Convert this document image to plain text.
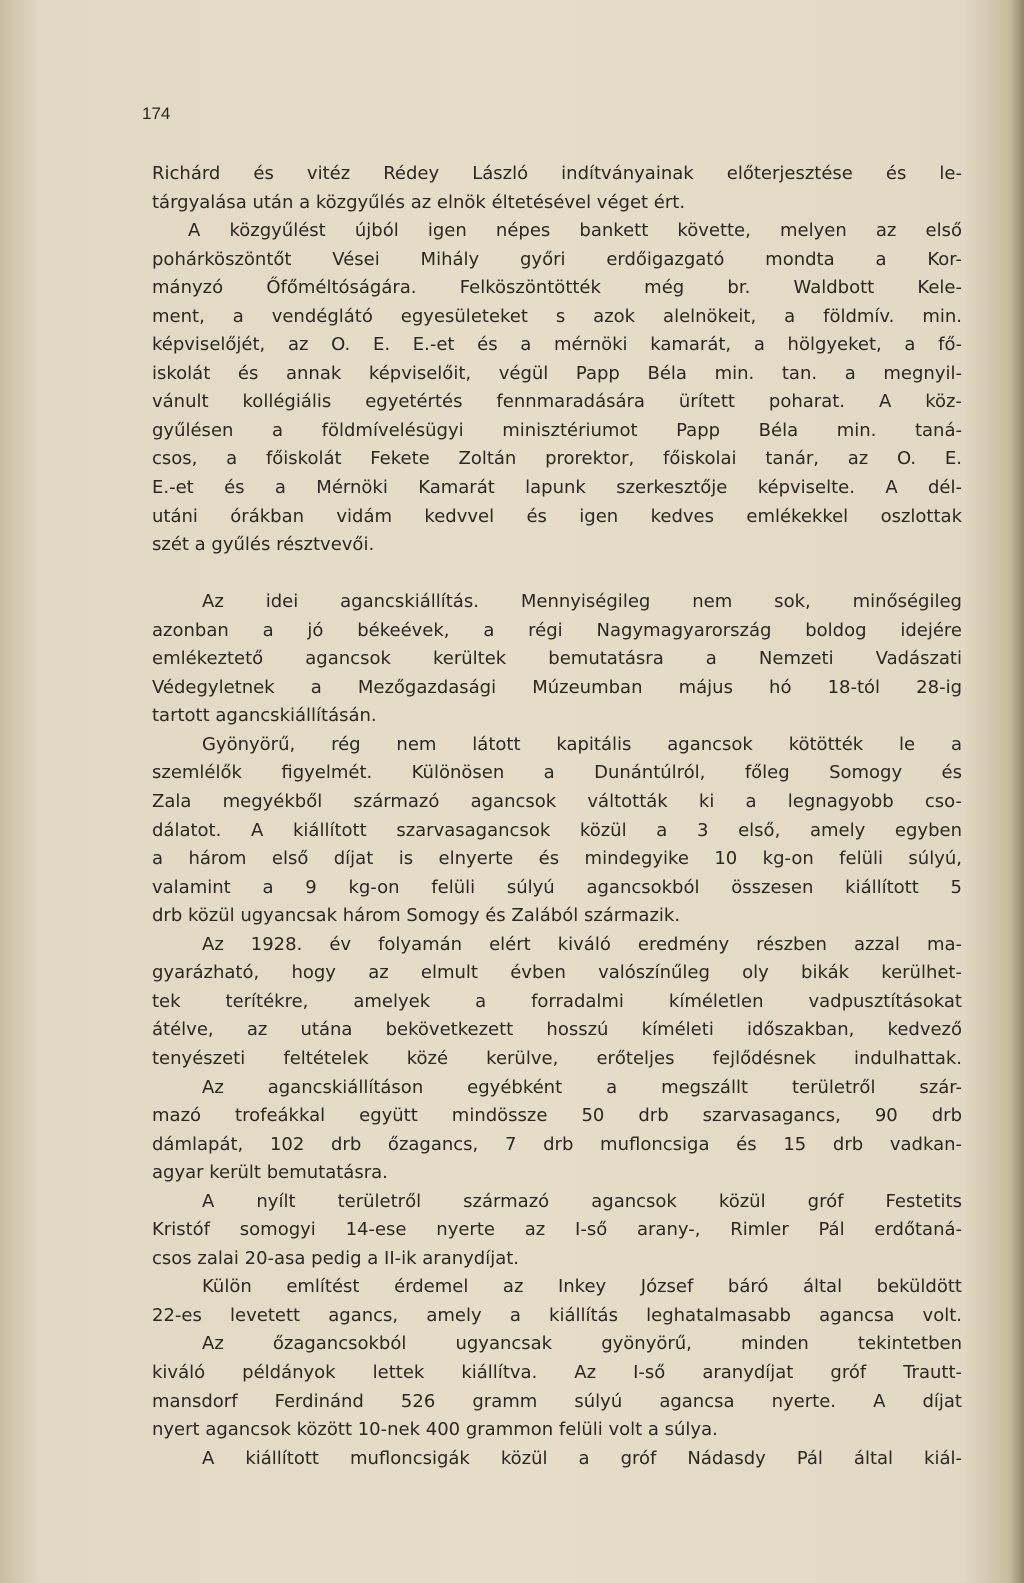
174
Richárd és vitéz Rédey László indítványainak előterjesztése és le-
tárgyalása után a közgyűlés az elnök éltetésével véget ért.
A közgyűlést újból igen népes bankett követte, melyen az első
pohárköszöntőt Vései Mihály győri erdőigazgató mondta a Kor-
mányzó Őfőméltóságára. Felköszöntötték még br. Waldbott Kele-
ment, a vendéglátó egyesületeket s azok alelnökeit, a földmív. min.
képviselőjét, az O. E. E.-et és a mérnöki kamarát, a hölgyeket, a fő-
iskolát és annak képviselőit, végül Papp Béla min. tan. a megnyil-
vánult kollégiális egyetértés fennmaradására ürített poharat. A köz-
gyűlésen a földmívelésügyi minisztériumot Papp Béla min. taná-
csos, a főiskolát Fekete Zoltán prorektor, főiskolai tanár, az O. E.
E.-et és a Mérnöki Kamarát lapunk szerkesztője képviselte. A dél-
utáni órákban vidám kedvvel és igen kedves emlékekkel oszlottak
szét a gyűlés résztvevői.
Az idei agancskiállítás. Mennyiségileg nem sok, minőségileg
azonban a jó békeévek, a régi Nagymagyarország boldog idejére
emlékeztető agancsok kerültek bemutatásra a Nemzeti Vadászati
Védegyletnek a Mezőgazdasági Múzeumban május hó 18-tól 28-ig
tartott agancskiállításán.
Gyönyörű, rég nem látott kapitális agancsok kötötték le a
szemlélők figyelmét. Különösen a Dunántúlról, főleg Somogy és
Zala megyékből származó agancsok váltották ki a legnagyobb cso-
dálatot. A kiállított szarvasagancsok közül a 3 első, amely egyben
a három első díjat is elnyerte és mindegyike 10 kg-on felüli súlyú,
valamint a 9 kg-on felüli súlyú agancsokból összesen kiállított 5
drb közül ugyancsak három Somogy és Zalából származik.
Az 1928. év folyamán elért kiváló eredmény részben azzal ma-
gyarázható, hogy az elmult évben valószínűleg oly bikák kerülhet-
tek terítékre, amelyek a forradalmi kíméletlen vadpusztításokat
átélve, az utána bekövetkezett hosszú kíméleti időszakban, kedvező
tenyészeti feltételek közé kerülve, erőteljes fejlődésnek indulhattak.
Az agancskiállításon egyébként a megszállt területről szár-
mazó trofeákkal együtt mindössze 50 drb szarvasagancs, 90 drb
dámlapát, 102 drb őzagancs, 7 drb mufloncsiga és 15 drb vadkan-
agyar került bemutatásra.
A nyílt területről származó agancsok közül gróf Festetits
Kristóf somogyi 14-ese nyerte az I-ső arany-, Rimler Pál erdőtaná-
csos zalai 20-asa pedig a II-ik aranydíjat.
Külön említést érdemel az Inkey József báró által beküldött
22-es levetett agancs, amely a kiállítás leghatalmasabb agancsa volt.
Az őzagancsokból ugyancsak gyönyörű, minden tekintetben
kiváló példányok lettek kiállítva. Az I-ső aranydíjat gróf Trautt-
mansdorf Ferdinánd 526 gramm súlyú agancsa nyerte. A díjat
nyert agancsok között 10-nek 400 grammon felüli volt a súlya.
A kiállított mufloncsigák közül a gróf Nádasdy Pál által kiál-
